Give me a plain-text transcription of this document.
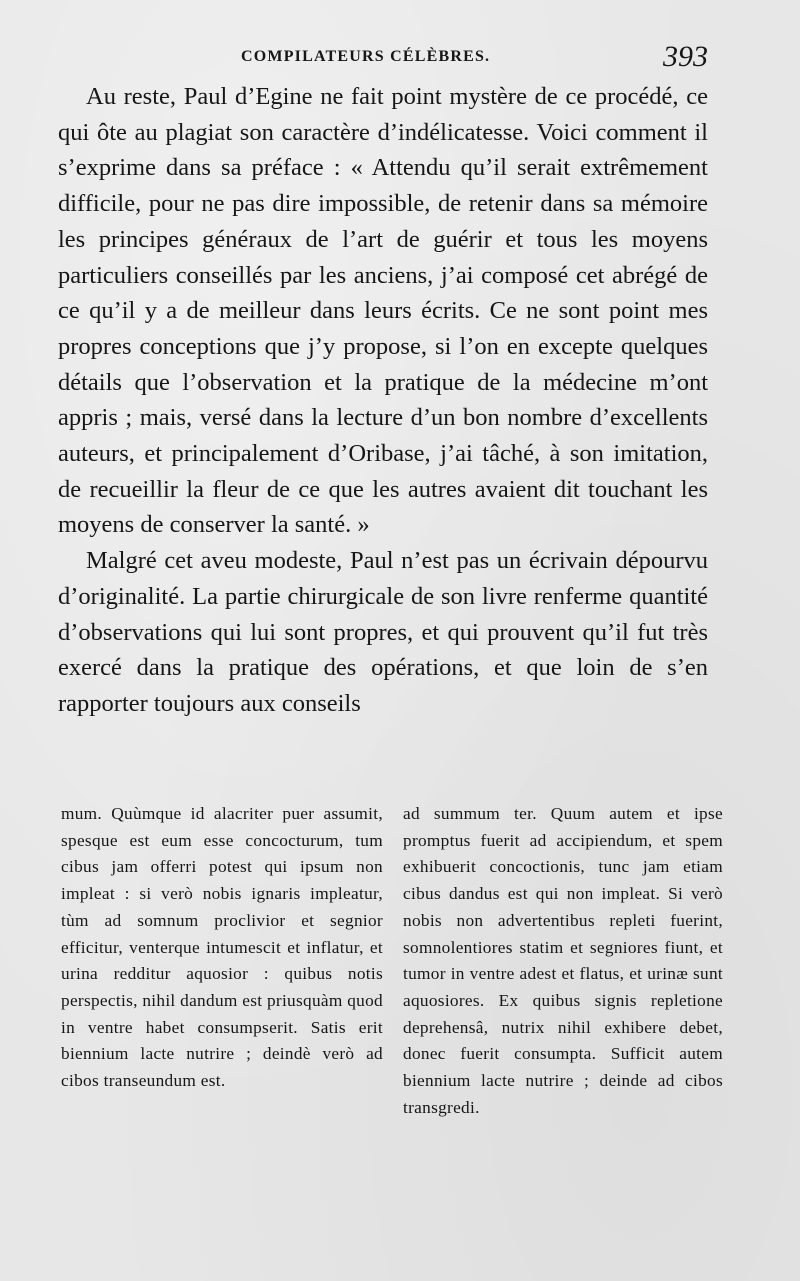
COMPILATEURS CÉLÈBRES.	393

Au reste, Paul d’Egine ne fait point mystère de ce procédé, ce qui ôte au plagiat son caractère d’indélicatesse. Voici comment il s’exprime dans sa préface : « Attendu qu’il serait extrêmement difficile, pour ne pas dire impossible, de retenir dans sa mémoire les principes généraux de l’art de guérir et tous les moyens particuliers conseillés par les anciens, j’ai composé cet abrégé de ce qu’il y a de meilleur dans leurs écrits. Ce ne sont point mes propres conceptions que j’y propose, si l’on en excepte quelques détails que l’observation et la pratique de la médecine m’ont appris ; mais, versé dans la lecture d’un bon nombre d’excellents auteurs, et principalement d’Oribase, j’ai tâché, à son imitation, de recueillir la fleur de ce que les autres avaient dit touchant les moyens de conserver la santé. »

Malgré cet aveu modeste, Paul n’est pas un écrivain dépourvu d’originalité. La partie chirurgicale de son livre renferme quantité d’observations qui lui sont propres, et qui prouvent qu’il fut très exercé dans la pratique des opérations, et que loin de s’en rapporter toujours aux conseils

mum. Quùmque id alacriter puer assumit, spesque est eum esse concocturum, tum cibus jam offerri potest qui ipsum non impleat : si verò nobis ignaris impleatur, tùm ad somnum proclivior et segnior efficitur, venterque intumescit et inflatur, et urina redditur aquosior : quibus notis perspectis, nihil dandum est priusquàm quod in ventre habet consumpserit. Satis erit biennium lacte nutrire ; deindè verò ad cibos transeundum est.

ad summum ter. Quum autem et ipse promptus fuerit ad accipiendum, et spem exhibuerit concoctionis, tunc jam etiam cibus dandus est qui non impleat. Si verò nobis non advertentibus repleti fuerint, somnolentiores statim et segniores fiunt, et tumor in ventre adest et flatus, et urinæ sunt aquosiores. Ex quibus signis repletione deprehensâ, nutrix nihil exhibere debet, donec fuerit consumpta. Sufficit autem biennium lacte nutrire ; deinde ad cibos transgredi.
